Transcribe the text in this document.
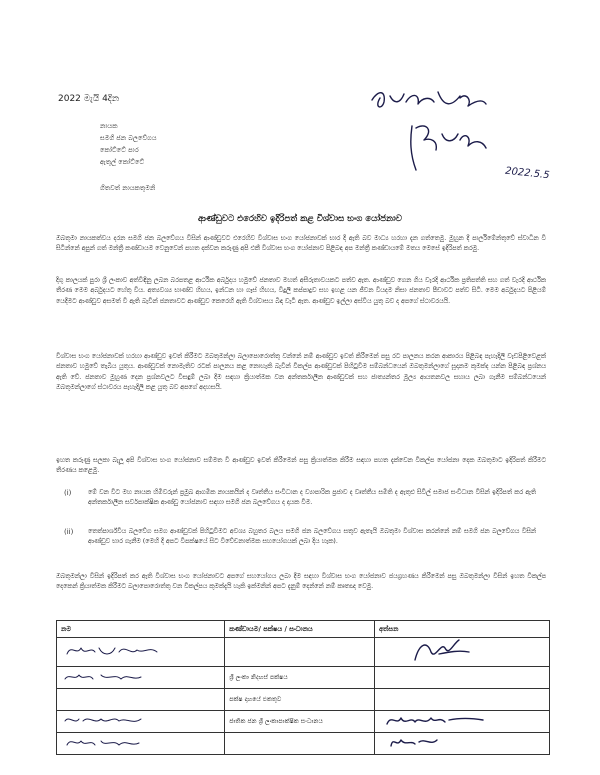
2022.5.5
2022 මැයි 4දින
නායක
සමගි ජන බලවේගය
කෝට්ටේ පාර
ඇතුල් කෝට්ටේ
ගිතවත් නායකතුමනි
ආණ්ඩුවට එරෙහිව ඉදිරිපත් කළ විශ්වාස භංග යෝජනාව
ඔබතුමා නායකත්වය දරන සමගි ජන බලවේගය විසින් ආණ්ඩුවට එරෙහිව විශ්වාස භංග යෝජනාවක් භාර දී ඇති බව මාධ්‍ය හරහා දැන ගත්තෙමු. මුහුන දී පාර්ලිමේන්තුවේ ස්වාධීන වී සිටින්නේ අපුන් ගත් මන්ත්‍රී කණ්ඩායම වෙනුවෙන් පහත දක්වන කරුණු අපි එකී විශ්වාස භංග යෝජනාව පිළිබඳ අප මන්ත්‍රී කණ්ඩායමේ මතය මෙසේ ඉදිරිපත් කරමු.
දිගු කාලයක් පුරා ශ්‍රී ලංකාව අත්විඳිනු ලබන බරපතළ ආර්ථික අර්බුදය හමුවේ ජනතාව මහත් අසීරුතාවයකට පත්ව ඇත. ආණ්ඩුව ගෙන ගිය වැරදි ආර්ථික ප්‍රතිපත්ති සහ ගත් වැරදි ආර්ථික තීරණ මෙම අර්බුදයට හේතු විය. අත්‍යවශ්‍ය භාණ්ඩ හිඟය, ඉන්ධන හා ගෑස් හිඟය, විදුලි කප්පාදුව සහ ඉහළ යන ජීවන වියදම නිසා ජනතාව පීඩාවට පත්ව සිටී. මෙම අර්බුදයට පිළියම් යෙදීමට ආණ්ඩුව අසමත් වී ඇති බැවින් ජනතාවට ආණ්ඩුව කෙරෙහි ඇති විශ්වාසය බිඳ වැටී ඇත. ආණ්ඩුව ඉල්ලා අස්විය යුතු බව ද අපගේ ස්ථාවරයයි.
විශ්වාස භංග යෝජනාවක් හරහා ආණ්ඩුව ඉවත් කිරීමට ඔබතුමන්ලා බලාපොරොත්තු වන්නේ නම් ආණ්ඩුව ඉවත් කිරීමෙන් පසු රට පාලනය කරන ආකාරය පිළිබඳ පැහැදිලි වැඩපිළිවෙළක් ජනතාව හමුවේ තැබිය යුතුය. ආණ්ඩුවක් නොමැතිව රටක් පාලනය කළ නොහැකි බැවින් විකල්ප ආණ්ඩුවක් පිහිටුවීම සම්බන්ධයෙන් ඔබතුමන්ලාගේ සූදානම කුමක්ද යන්න පිළිබඳ ප්‍රශ්නය ඇති වේ. ජනතාව මුහුණ දෙන ප්‍රශ්නවලට විසඳුම් ලබා දීම සඳහා ක්‍රියාත්මක වන අන්තර්කාලීන ආණ්ඩුවක් සහ ජාත්‍යන්තර මූල්‍ය ආයතනවල සහාය ලබා ගැනීම සම්බන්ධයෙන් ඔබතුමන්ලාගේ ස්ථාවරය පැහැදිලි කළ යුතු බව අපගේ අදහසයි.
ඉහත කරුණු සලකා බැලූ අපි විශ්වාස භංග යෝජනාව සම්මත වී ආණ්ඩුව ඉවත් කිරීමෙන් පසු ක්‍රියාත්මක කිරීම සඳහා පහත දැක්වෙන විකල්ප යෝජනා දෙක ඔබතුමාට ඉදිරිපත් කිරීමට තීරණය කළෙමු.
(i)	මේ වන විට මහ නායක හිමිවරුන් ප්‍රමුඛ ආගමික නායකයින් ද වෘත්තීය සංවිධාන ද ව්‍යාපාරික ප්‍රජාව ද වෘත්තීය සමිති ද ඇතුළු සිවිල් සමාජ සංවිධාන විසින් ඉදිරිපත් කර ඇති අන්තර්කාලීන සර්වපාක්ෂික ආණ්ඩු යෝජනාව සඳහා සමගි ජන බලවේගය ද දායක වීම.
(ii) තෙත්පාර්ශ්වීය බලවේග සමග ආණ්ඩුවක් පිහිටුවීමට අවශ්‍ය බහුතර බලය සමගි ජන බලවේගය සතුව ඇතැයි ඔබතුමා විශ්වාස කරන්නේ නම් සමගි ජන බලවේගය විසින් ආණ්ඩුව භාර ගැනීම (මෙහි දී අපට විපක්ෂයේ සිට විවේචනාත්මක සහයෝගයක් ලබා දිය හැක).
ඔබතුමන්ලා විසින් ඉදිරිපත් කර ඇති විශ්වාස භංග යෝජනාවට අපගේ සහයෝගය ලබා දීම සඳහා විශ්වාස භංග යෝජනාව ජයග්‍රහණය කිරීමෙන් පසු ඔබතුමන්ලා විසින් ඉහත විකල්ප දෙකෙන් ක්‍රියාත්මක කිරීමට බලාපොරොත්තු වන විකල්පය කුමක්දැයි හැකි ඉක්මනින් අපට දැනුම් දෙන්නේ නම් කෘතඥ වෙමු.
නම	කණ්ඩායම/ පක්ෂය / සංධානය	අත්සන

	ශ්‍රී ලංකා නිදහස් පක්ෂය	
	පක්ෂ දාහයේ එකතුව	
	ජාතික ජන ශ්‍රී ලංකාපාක්ෂික සංධානය	
